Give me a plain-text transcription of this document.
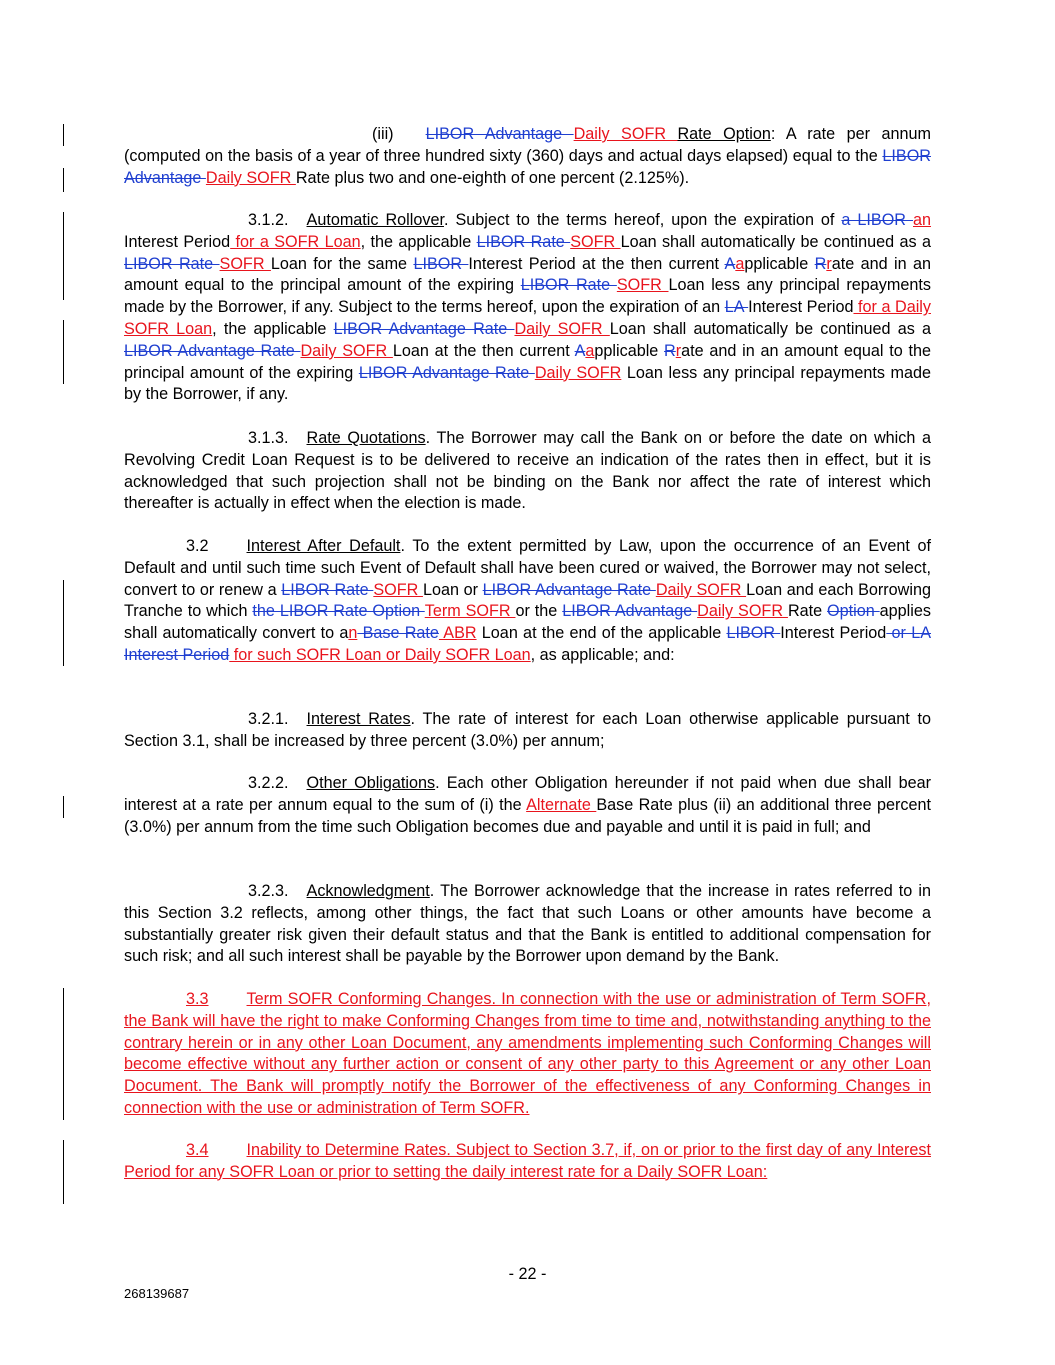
(iii) LIBOR Advantage Daily SOFR Rate Option: A rate per annum (computed on the basis of a year of three hundred sixty (360) days and actual days elapsed) equal to the LIBOR Advantage Daily SOFR Rate plus two and one-eighth of one percent (2.125%).

3.1.2. Automatic Rollover. Subject to the terms hereof, upon the expiration of a LIBOR an Interest Period for a SOFR Loan, the applicable LIBOR Rate SOFR Loan shall automatically be continued as a LIBOR Rate SOFR Loan for the same LIBOR Interest Period at the then current Aapplicable Rrate and in an amount equal to the principal amount of the expiring LIBOR Rate SOFR Loan less any principal repayments made by the Borrower, if any. Subject to the terms hereof, upon the expiration of an LA Interest Period for a Daily SOFR Loan, the applicable LIBOR Advantage Rate Daily SOFR Loan shall automatically be continued as a LIBOR Advantage Rate Daily SOFR Loan at the then current Aapplicable Rrate and in an amount equal to the principal amount of the expiring LIBOR Advantage Rate Daily SOFR Loan less any principal repayments made by the Borrower, if any.

3.1.3. Rate Quotations. The Borrower may call the Bank on or before the date on which a Revolving Credit Loan Request is to be delivered to receive an indication of the rates then in effect, but it is acknowledged that such projection shall not be binding on the Bank nor affect the rate of interest which thereafter is actually in effect when the election is made.

3.2 Interest After Default. To the extent permitted by Law, upon the occurrence of an Event of Default and until such time such Event of Default shall have been cured or waived, the Borrower may not select, convert to or renew a LIBOR Rate SOFR Loan or LIBOR Advantage Rate Daily SOFR Loan and each Borrowing Tranche to which the LIBOR Rate Option Term SOFR or the LIBOR Advantage Daily SOFR Rate Option applies shall automatically convert to an Base Rate ABR Loan at the end of the applicable LIBOR Interest Period or LA Interest Period for such SOFR Loan or Daily SOFR Loan, as applicable; and:

3.2.1. Interest Rates. The rate of interest for each Loan otherwise applicable pursuant to Section 3.1, shall be increased by three percent (3.0%) per annum;

3.2.2. Other Obligations. Each other Obligation hereunder if not paid when due shall bear interest at a rate per annum equal to the sum of (i) the Alternate Base Rate plus (ii) an additional three percent (3.0%) per annum from the time such Obligation becomes due and payable and until it is paid in full; and

3.2.3. Acknowledgment. The Borrower acknowledge that the increase in rates referred to in this Section 3.2 reflects, among other things, the fact that such Loans or other amounts have become a substantially greater risk given their default status and that the Bank is entitled to additional compensation for such risk; and all such interest shall be payable by the Borrower upon demand by the Bank.

3.3 Term SOFR Conforming Changes. In connection with the use or administration of Term SOFR, the Bank will have the right to make Conforming Changes from time to time and, notwithstanding anything to the contrary herein or in any other Loan Document, any amendments implementing such Conforming Changes will become effective without any further action or consent of any other party to this Agreement or any other Loan Document. The Bank will promptly notify the Borrower of the effectiveness of any Conforming Changes in connection with the use or administration of Term SOFR.

3.4 Inability to Determine Rates. Subject to Section 3.7, if, on or prior to the first day of any Interest Period for any SOFR Loan or prior to setting the daily interest rate for a Daily SOFR Loan:

- 22 -
268139687
